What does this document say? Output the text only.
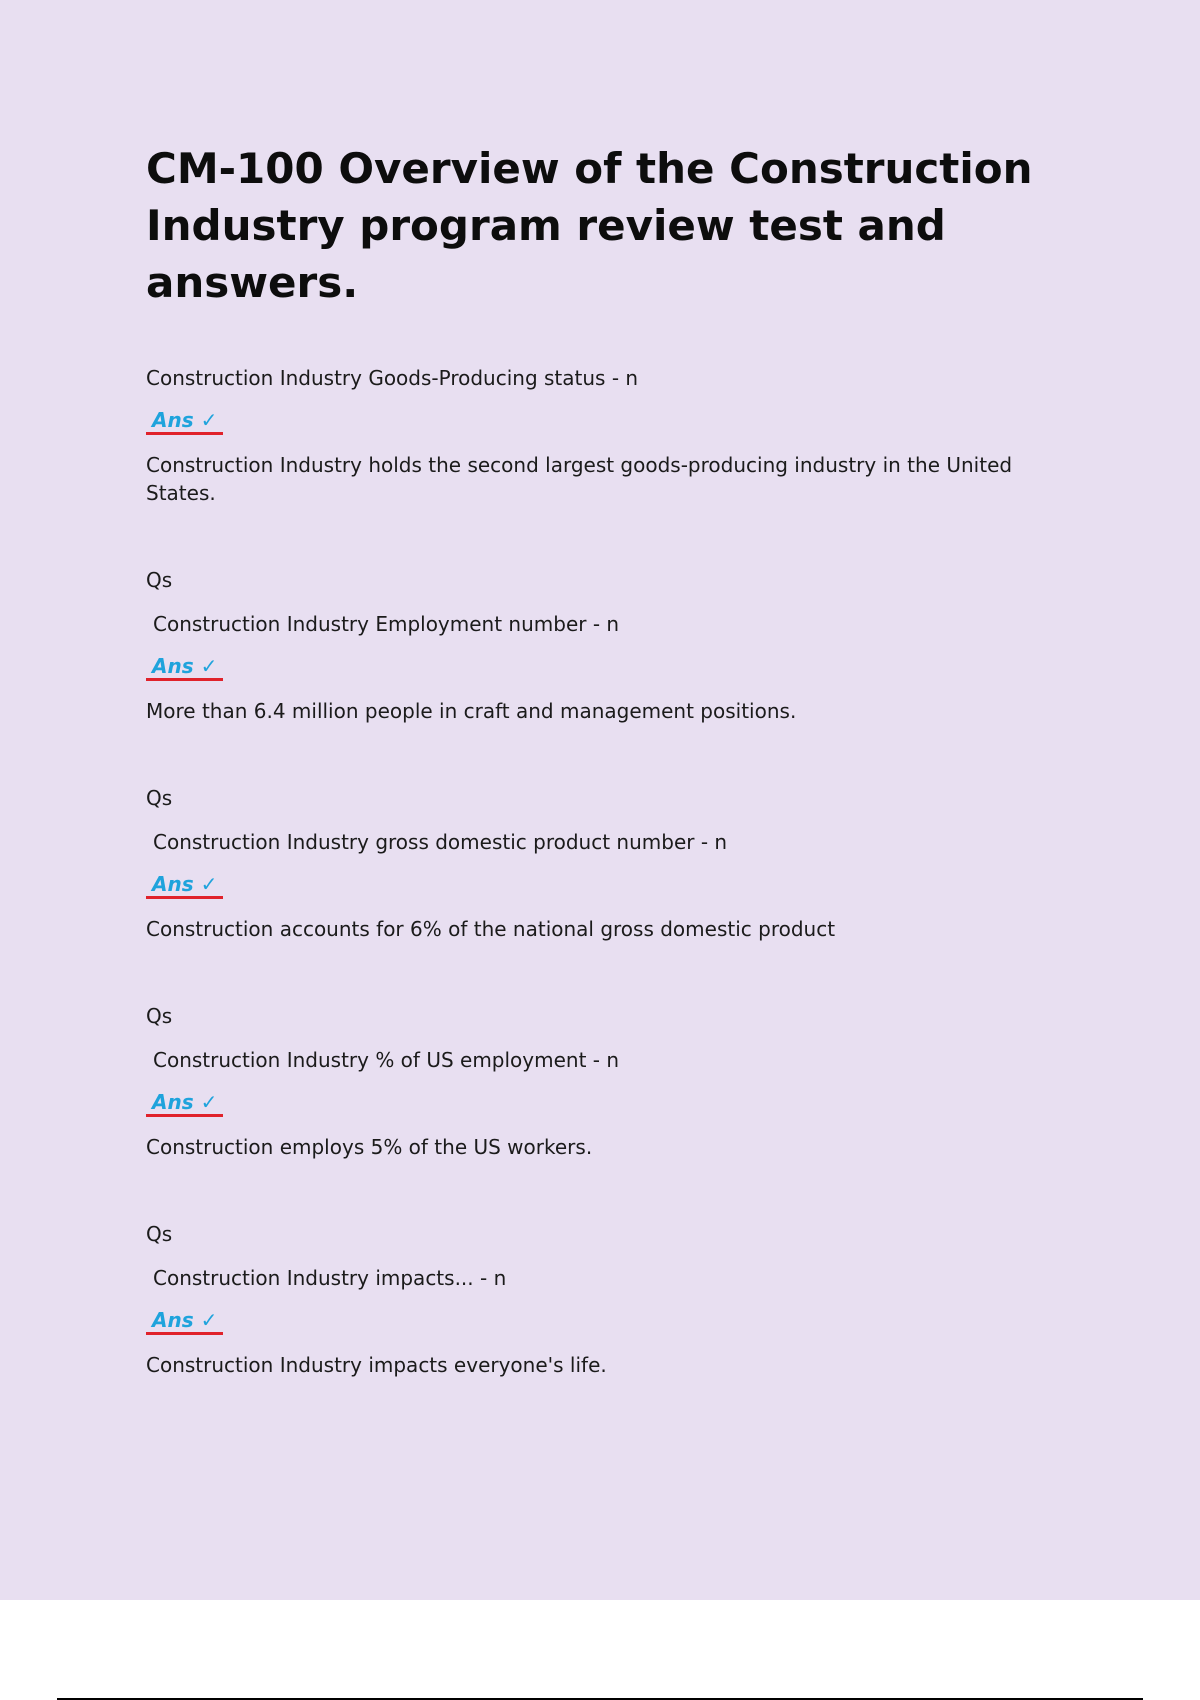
CM-100 Overview of the Construction Industry program review test and answers.

Construction Industry Goods-Producing status - n

Ans ✓

Construction Industry holds the second largest goods-producing industry in the United States.

Qs

Construction Industry Employment number - n

Ans ✓

More than 6.4 million people in craft and management positions.

Qs

Construction Industry gross domestic product number - n

Ans ✓

Construction accounts for 6% of the national gross domestic product

Qs

Construction Industry % of US employment - n

Ans ✓

Construction employs 5% of the US workers.

Qs

Construction Industry impacts... - n

Ans ✓

Construction Industry impacts everyone's life.
